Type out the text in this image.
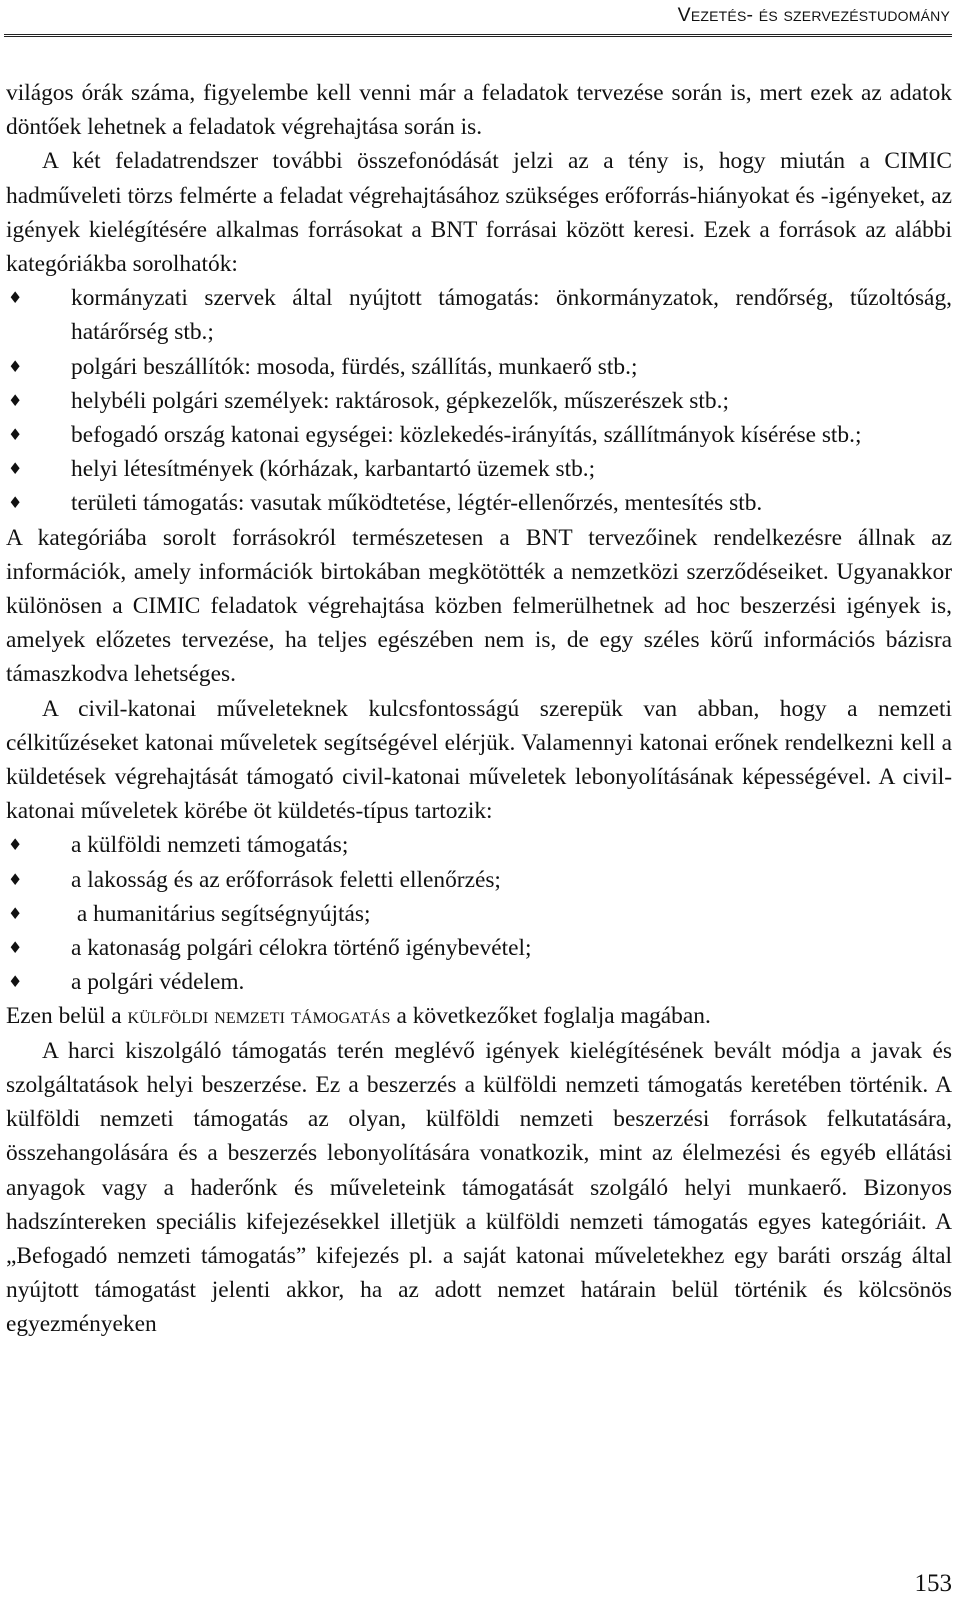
Vezetés- és szervezéstudomány

világos órák száma, figyelembe kell venni már a feladatok tervezése során is, mert ezek az adatok döntőek lehetnek a feladatok végrehajtása során is.

A két feladatrendszer további összefonódását jelzi az a tény is, hogy miután a CIMIC hadműveleti törzs felmérte a feladat végrehajtásához szükséges erőforrás-hiányokat és -igényeket, az igények kielégítésére alkalmas forrásokat a BNT forrásai között keresi. Ezek a források az alábbi kategóriákba sorolhatók:

♦	kormányzati szervek által nyújtott támogatás: önkormányzatok, rendőrség, tűzoltóság, határőrség stb.;
♦	polgári beszállítók: mosoda, fürdés, szállítás, munkaerő stb.;
♦	helybéli polgári személyek: raktárosok, gépkezelők, műszerészek stb.;
♦	befogadó ország katonai egységei: közlekedés-irányítás, szállítmányok kísérése stb.;
♦	helyi létesítmények (kórházak, karbantartó üzemek stb.;
♦	területi támogatás: vasutak működtetése, légtér-ellenőrzés, mentesítés stb.

A kategóriába sorolt forrásokról természetesen a BNT tervezőinek rendelkezésre állnak az információk, amely információk birtokában megkötötték a nemzetközi szerződéseiket. Ugyanakkor különösen a CIMIC feladatok végrehajtása közben felmerülhetnek ad hoc beszerzési igények is, amelyek előzetes tervezése, ha teljes egészében nem is, de egy széles körű információs bázisra támaszkodva lehetséges.

A civil-katonai műveleteknek kulcsfontosságú szerepük van abban, hogy a nemzeti célkitűzéseket katonai műveletek segítségével elérjük. Valamennyi katonai erőnek rendelkezni kell a küldetések végrehajtását támogató civil-katonai műveletek lebonyolításának képességével. A civil-katonai műveletek körébe öt küldetés-típus tartozik:

♦	a külföldi nemzeti támogatás;
♦	a lakosság és az erőforrások feletti ellenőrzés;
♦	a humanitárius segítségnyújtás;
♦	a katonaság polgári célokra történő igénybevétel;
♦	a polgári védelem.

Ezen belül a külföldi nemzeti támogatás a következőket foglalja magában.

A harci kiszolgáló támogatás terén meglévő igények kielégítésének bevált módja a javak és szolgáltatások helyi beszerzése. Ez a beszerzés a külföldi nemzeti támogatás keretében történik. A külföldi nemzeti támogatás az olyan, külföldi nemzeti beszerzési források felkutatására, összehangolására és a beszerzés lebonyolítására vonatkozik, mint az élelmezési és egyéb ellátási anyagok vagy a haderőnk és műveleteink támogatását szolgáló helyi munkaerő. Bizonyos hadszíntereken speciális kifejezésekkel illetjük a külföldi nemzeti támogatás egyes kategóriáit. A „Befogadó nemzeti támogatás” kifejezés pl. a saját katonai műveletekhez egy baráti ország által nyújtott támogatást jelenti akkor, ha az adott nemzet határain belül történik és kölcsönös egyezményeken

153
